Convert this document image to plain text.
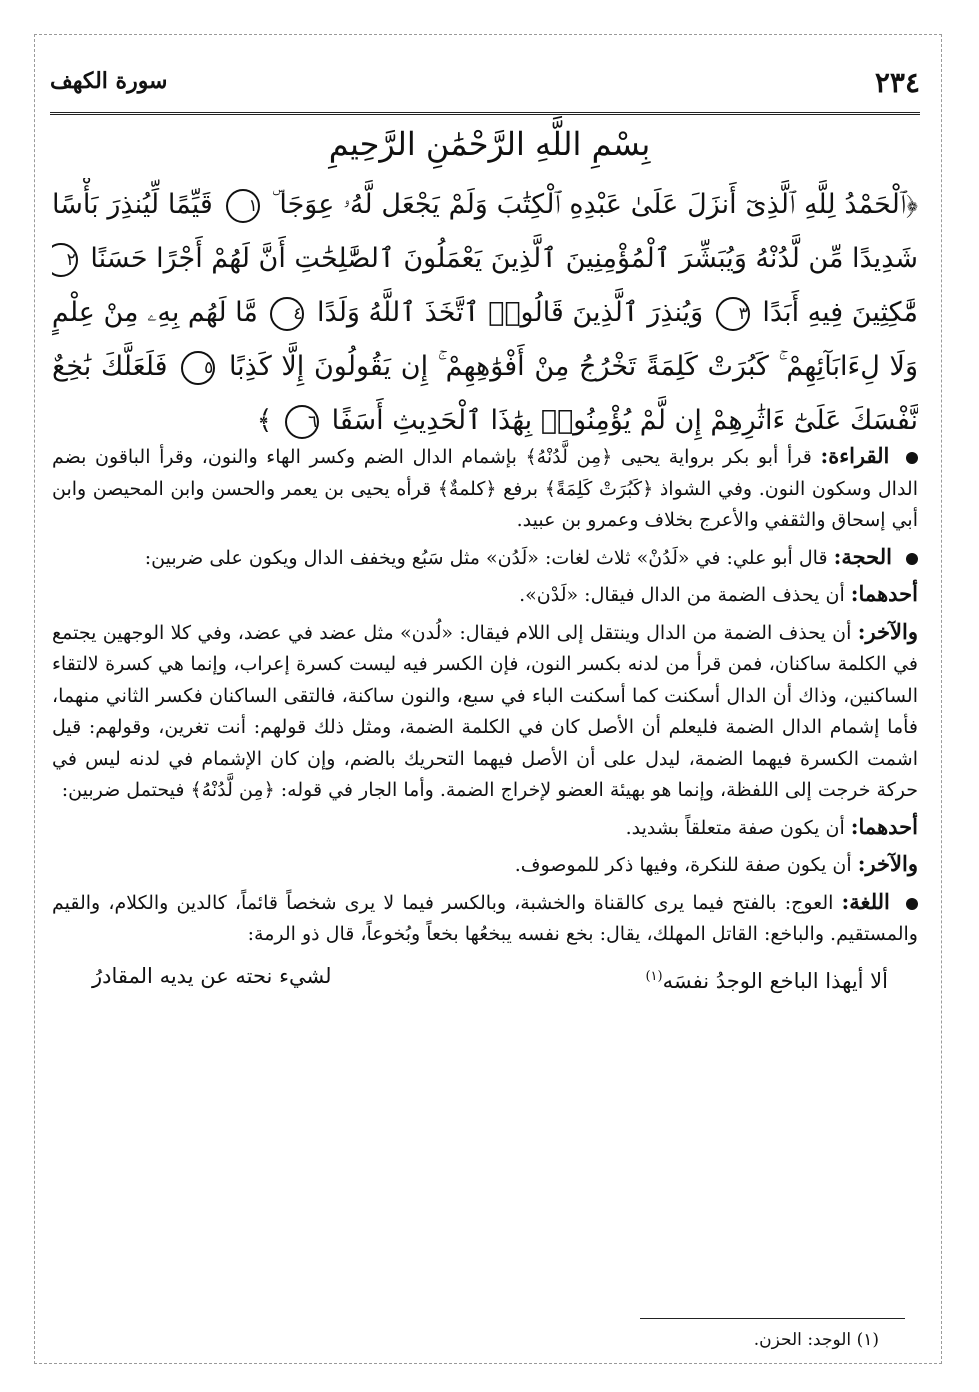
سورة الكهف	٢٣٤
بِسْمِ اللَّهِ الرَّحْمَٰنِ الرَّحِيمِ
﴿ٱلْحَمْدُ لِلَّهِ ٱلَّذِىٓ أَنزَلَ عَلَىٰ عَبْدِهِ ٱلْكِتَٰبَ وَلَمْ يَجْعَل لَّهُۥ عِوَجَا ۜ ١ قَيِّمًا لِّيُنذِرَ بَأْسًا
شَدِيدًا مِّن لَّدُنْهُ وَيُبَشِّرَ ٱلْمُؤْمِنِينَ ٱلَّذِينَ يَعْمَلُونَ ٱلصَّٰلِحَٰتِ أَنَّ لَهُمْ أَجْرًا حَسَنًا ٢
مَّٰكِثِينَ فِيهِ أَبَدًا ٣ وَيُنذِرَ ٱلَّذِينَ قَالُوا۟ ٱتَّخَذَ ٱللَّهُ وَلَدًا ٤ مَّا لَهُم بِهِۦ مِنْ عِلْمٍ
وَلَا لِءَابَآئِهِمْ ۚ كَبُرَتْ كَلِمَةً تَخْرُجُ مِنْ أَفْوَٰهِهِمْ ۚ إِن يَقُولُونَ إِلَّا كَذِبًا ٥ فَلَعَلَّكَ بَٰخِعٌ
نَّفْسَكَ عَلَىٰٓ ءَاثَٰرِهِمْ إِن لَّمْ يُؤْمِنُوا۟ بِهَٰذَا ٱلْحَدِيثِ أَسَفًا ٦ ﴾

القراءة: قرأ أبو بكر برواية يحيى ﴿مِن لَّدُنْهُ﴾ بإشمام الدال الضم وكسر الهاء والنون، وقرأ الباقون بضم الدال وسكون النون. وفي الشواذ ﴿كَبُرَتْ كَلِمَةً﴾ برفع ﴿كلمةٌ﴾ قرأه يحيى بن يعمر والحسن وابن المحيصن وابن أبي إسحاق والثقفي والأعرج بخلاف وعمرو بن عبيد.

الحجة: قال أبو علي: في «لَدُنْ» ثلاث لغات: «لَدُن» مثل سَبُع ويخفف الدال ويكون على ضربين:

أحدهما: أن يحذف الضمة من الدال فيقال: «لَدْن».

والآخر: أن يحذف الضمة من الدال وينتقل إلى اللام فيقال: «لُدن» مثل عضد في عضد، وفي كلا الوجهين يجتمع في الكلمة ساكنان، فمن قرأ من لدنه بكسر النون، فإن الكسر فيه ليست كسرة إعراب، وإنما هي كسرة لالتقاء الساكنين، وذاك أن الدال أسكنت كما أسكنت الباء في سبع، والنون ساكنة، فالتقى الساكنان فكسر الثاني منهما، فأما إشمام الدال الضمة فليعلم أن الأصل كان في الكلمة الضمة، ومثل ذلك قولهم: أنت تغرين، وقولهم: قيل اشمت الكسرة فيهما الضمة، ليدل على أن الأصل فيهما التحريك بالضم، وإن كان الإشمام في لدنه ليس في حركة خرجت إلى اللفظة، وإنما هو بهيئة العضو لإخراج الضمة. وأما الجار في قوله: ﴿مِن لَّدُنْهُ﴾ فيحتمل ضربين:

أحدهما: أن يكون صفة متعلقاً بشديد.

والآخر: أن يكون صفة للنكرة، وفيها ذكر للموصوف.

اللغة: العوج: بالفتح فيما يرى كالقناة والخشبة، وبالكسر فيما لا يرى شخصاً قائماً، كالدين والكلام، والقيم والمستقيم. والباخع: القاتل المهلك، يقال: بخع نفسه يبخعُها بخعاً وبُخوعاً، قال ذو الرمة:

ألا أيهذا الباخع الوجدُ نفسَه$^{(١)}$
لشيء نحته عن يديه المقادرُ
(١) الوجد: الحزن.
